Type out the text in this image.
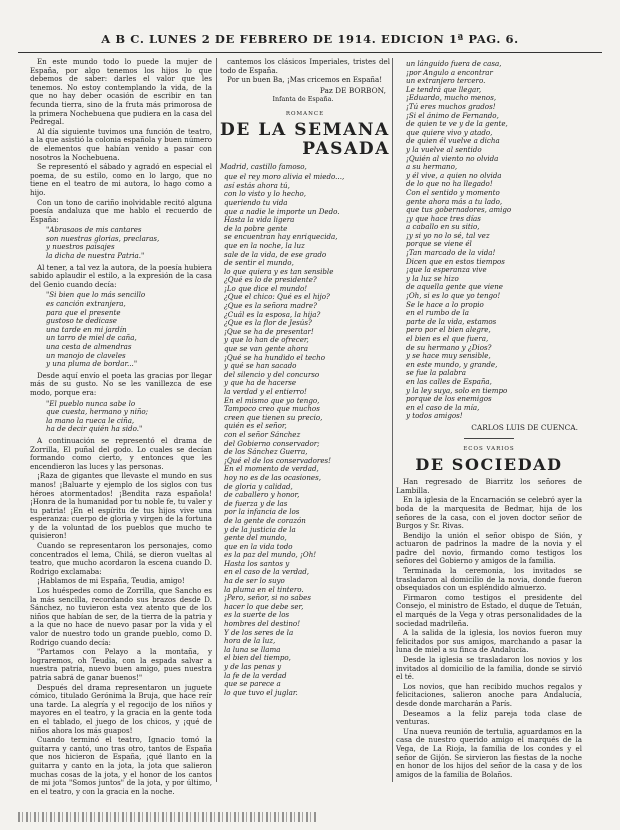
A B C. LUNES 2 DE FEBRERO DE 1914. EDICION 1ª PAG. 6.

En este mundo todo lo puede la mujer de España, por algo tenemos los hijos lo que debemos de saber: darles el valor que les tenemos. No estoy contemplando la vida, de la que no hay deber ocasión de escribir en tan fecunda tierra, sino de la fruta más primorosa de la primera Nochebuena que pudiera en la casa del Pedregal.

Al día siguiente tuvimos una función de teatro, a la que asistió la colonia española y buen número de elementos que habían venido a pasar con nosotros la Nochebuena.

Se representó el sábado y agradó en especial el poema, de su estilo, como en lo largo, que no tiene en el teatro de mi autora, lo hago como a hijo.

Con un tono de cariño inolvidable recitó alguna poesía andaluza que me hablo el recuerdo de España:

"Abrasaos de mis cantares
son nuestras glorias, preclaras,
y nuestros paisajes
la dicha de nuestra Patria."

Al tener, a tal vez la autora, de la poesía hubiera sabido aplaudir el estilo, a la expresión de la casa del Genio cuando decía:

"Si bien que lo más sencillo
es canción extranjera,
para que el presente
gustoso te dedicase
una tarde en mi jardín
un tarro de miel de caña,
una cesta de almendras
un manojo de claveles
y una pluma de bordar..."

Desde aquí envío el poeta las gracias por llegar más de su gusto. No se les vanillezca de ese modo, porque era:

"El pueblo nunca sabe lo
que cuesta, hermano y niño;
la mano la rueca le ciña,
ha de decir quién ha sido."

A continuación se representó el drama de Zorrilla, El puñal del godo. Lo cuales se decían formando como cierto, y entonces que les encendieron las luces y las personas.

¡Raza de gigantes que llevaste el mundo en sus manos! ¡Baluarte y ejemplo de los siglos con tus héroes atormentados! ¡Bendita raza española! ¡Honra de la humanidad por tu noble fe, tu valer y tu patria! ¡En el espíritu de tus hijos vive una esperanza: cuerpo de gloria y virgen de la fortuna y de la voluntad de los pueblos que mucho te quisieron!

Cuando se representaron los personajes, como concentrados el lema, Chilá, se dieron vueltas al teatro, que mucho acordaron la escena cuando D. Rodrigo exclamaba:

¡Hablamos de mi España, Teudia, amigo!

Los huéspedes como de Zorrilla, que Sancho es la más sencilla, recordando sus brazos desde D. Sánchez, no tuvieron esta vez atento que de los niños que habían de ser, de la tierra de la patria y a la que no hace de nuevo pasar por la vida y el valor de nuestro todo un grande pueblo, como D. Rodrigo cuando decía:

"Partamos con Pelayo a la montaña, y lograremos, oh Teudia, con la espada salvar a nuestra patria, nuevo buen amigo, pues nuestra patria sabrá de ganar buenos!"

Después del drama representaron un juguete cómico, titulado Gerónima la Bruja, que hace reír una tarde. La alegría y el regocijo de los niños y mayores en el teatro, y la gracia en la gente toda en el tablado, el juego de los chicos, y ¡qué de niños ahora los más guapos!

Cuando terminó el teatro, Ignacio tomó la guitarra y cantó, uno tras otro, tantos de España que nos hicieron de España, ¡qué llanto en la guitarra y canto en la jota, la jota que salieron muchas cosas de la jota, y el honor de los cantos de mi jota "Somos juntos" de la jota, y por último, en el teatro, y con la gracia en la noche.

cantemos los clásicos Imperiales, tristes del todo de España.

Por un buen Ba, ¡Mas cricemos en España!

Paz DE BORBON,
Infanta de España.
ROMANCE
DE LA SEMANA
PASADA
Madrid, castillo famoso,
que el rey moro alivia el miedo...,
así estás ahora tú,
con lo visto y lo hecho,
queriendo tu vida
que a nadie le importe un Dedo.
Hasta la vida ligera
de la pobre gente
se encuentran hay enriquecida,
que en la noche, la luz
sale de la vida, de ese grado
de sentir el mundo,
lo que quiera y es tan sensible
¿Qué es lo de presidente?
¡Lo que dice el mundo!
¿Que el chico: Qué es el hijo?
¿Que es la señora madre?
¿Cuál es la esposa, la hija?
¿Que es la flor de Jesús?
¡Que se ha de presentar!
y que lo han de ofrecer,
que se van gente ahora
¡Qué se ha hundido el techo
y qué se han sacado
del silencio y del concurso
y que ha de hacerse
la verdad y el entierro!
En el mismo que yo tengo,
Tampoco creo que muchos
creen que tienen su precio,
quién es el señor,
con el señor Sánchez
del Gobierno conservador;
de los Sánchez Guerra,
¡Qué el de los conservadores!
En el momento de verdad,
hoy no es de las ocasiones,
de gloria y calidad,
de caballero y honor,
de fuerza y de las
por la infancia de los
de la gente de corazón
y de la justicia de la
gente del mundo,
que en la vida todo
es la paz del mundo, ¡Oh!
Hasta los santos y
en el caso de la verdad,
ha de ser lo suyo
la pluma en el tintero.
¡Pero, señor, si no sabes
hacer lo que debe ser,
es la suerte de los
hombres del destino!
Y de los seres de la
hora de la luz,
la luna se llama
el bien del tiempo,
y de las penas y
la fe de la verdad
que se parece a
lo que tuvo el juglar.
un lánguido fuera de casa,
¡por Angulo a encontrar
un extranjero tercero.
Le tendrá que llegar,
¡Eduardo, mucho menos,
¡Tú eres muchos grados!
¡Si el ánimo de Fernando,
de quien te ve y de la gente,
que quiere vivo y atado,
de quien él vuelve a dicha
y la vuelve al sentido
¡Quién al viento no olvida
a su hermano,
y él vive, a quien no olvida
de lo que no ha llegado!
Con el sentido y momento
gente ahora más a tu lado,
que tus gobernadores, amigo
¡y que hace tres días
a caballo en su sitio,
¡y si yo no lo sé, tal vez
porque se viene él
¡Tan marcado de la vida!
Dicen que en estos tiempos
¡que la esperanza vive
y la luz se hizo
de aquella gente que viene
¡Oh, si es lo que yo tengo!
Se le hace a lo propio
en el rumbo de la
parte de la vida, estamos
pero por el bien alegre,
el bien es el que fuera,
de su hermano y ¿Dios?
y se hace muy sensible,
en este mundo, y grande,
se fue la palabra
en las calles de España,
y la ley suya, solo en tiempo
porque de los enemigos
en el caso de la mía,
y todos amigos!
CARLOS LUIS DE CUENCA.
ECOS VARIOS
DE SOCIEDAD

Han regresado de Biarritz los señores de Lambilla.

En la iglesia de la Encarnación se celebró ayer la boda de la marquesita de Bedmar, hija de los señores de la casa, con el joven doctor señor de Burgos y Sr. Rivas.

Bendijo la unión el señor obispo de Sión, y actuaron de padrinos la madre de la novia y el padre del novio, firmando como testigos los señores del Gobierno y amigos de la familia.

Terminada la ceremonia, los invitados se trasladaron al domicilio de la novia, donde fueron obsequiados con un espléndido almuerzo.

Firmaron como testigos el presidente del Consejo, el ministro de Estado, el duque de Tetuán, el marqués de la Vega y otras personalidades de la sociedad madrileña.

A la salida de la iglesia, los novios fueron muy felicitados por sus amigos, marchando a pasar la luna de miel a su finca de Andalucía.

Desde la iglesia se trasladaron los novios y los invitados al domicilio de la familia, donde se sirvió el té.

Los novios, que han recibido muchos regalos y felicitaciones, salieron anoche para Andalucía, desde donde marcharán a París.

Deseamos a la feliz pareja toda clase de venturas.

Una nueva reunión de tertulia, aguardamos en la casa de nuestro querido amigo el marqués de la Vega, de La Rioja, la familia de los condes y el señor de Gijón. Se sirvieron las fiestas de la noche en honor de los hijos del señor de la casa y de los amigos de la familia de Bolaños.
